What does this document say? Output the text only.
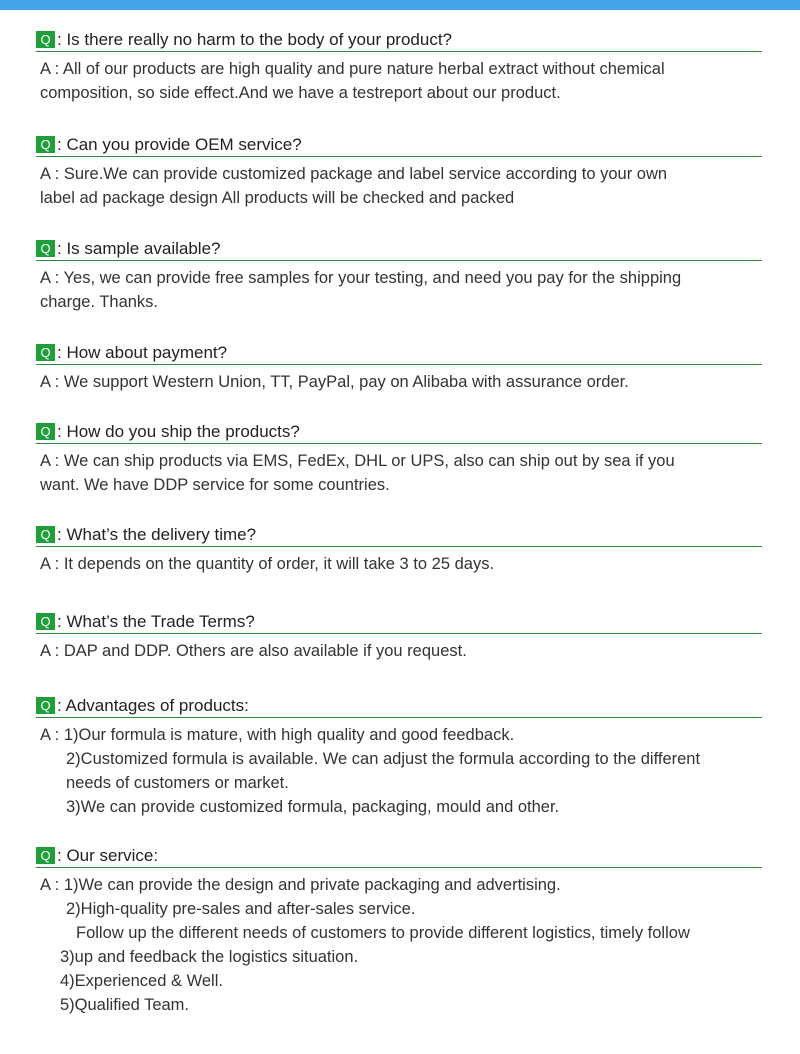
Q : Is there really no harm to the body of your product?
A : All of our products are high quality and pure nature herbal extract without chemical
composition, so side effect.And we have a testreport about our product.
Q : Can you provide OEM service?
A : Sure.We can provide customized package and label service according to your own
label ad package design All products will be checked and packed
Q : Is sample available?
A : Yes, we can provide free samples for your testing, and need you pay for the shipping
charge. Thanks.
Q : How about payment?
A : We support Western Union, TT, PayPal, pay on Alibaba with assurance order.
Q : How do you ship the products?
A : We can ship products via EMS, FedEx, DHL or UPS, also can ship out by sea if you
want. We have DDP service for some countries.
Q : What’s the delivery time?
A : It depends on the quantity of order, it will take 3 to 25 days.
Q : What’s the Trade Terms?
A : DAP and DDP. Others are also available if you request.
Q : Advantages of products:
A : 1)Our formula is mature, with high quality and good feedback.
2)Customized formula is available. We can adjust the formula according to the different
needs of customers or market.
3)We can provide customized formula, packaging, mould and other.
Q : Our service:
A : 1)We can provide the design and private packaging and advertising.
2)High-quality pre-sales and after-sales service.
Follow up the different needs of customers to provide different logistics, timely follow
3)up and feedback the logistics situation.
4)Experienced & Well.
5)Qualified Team.
